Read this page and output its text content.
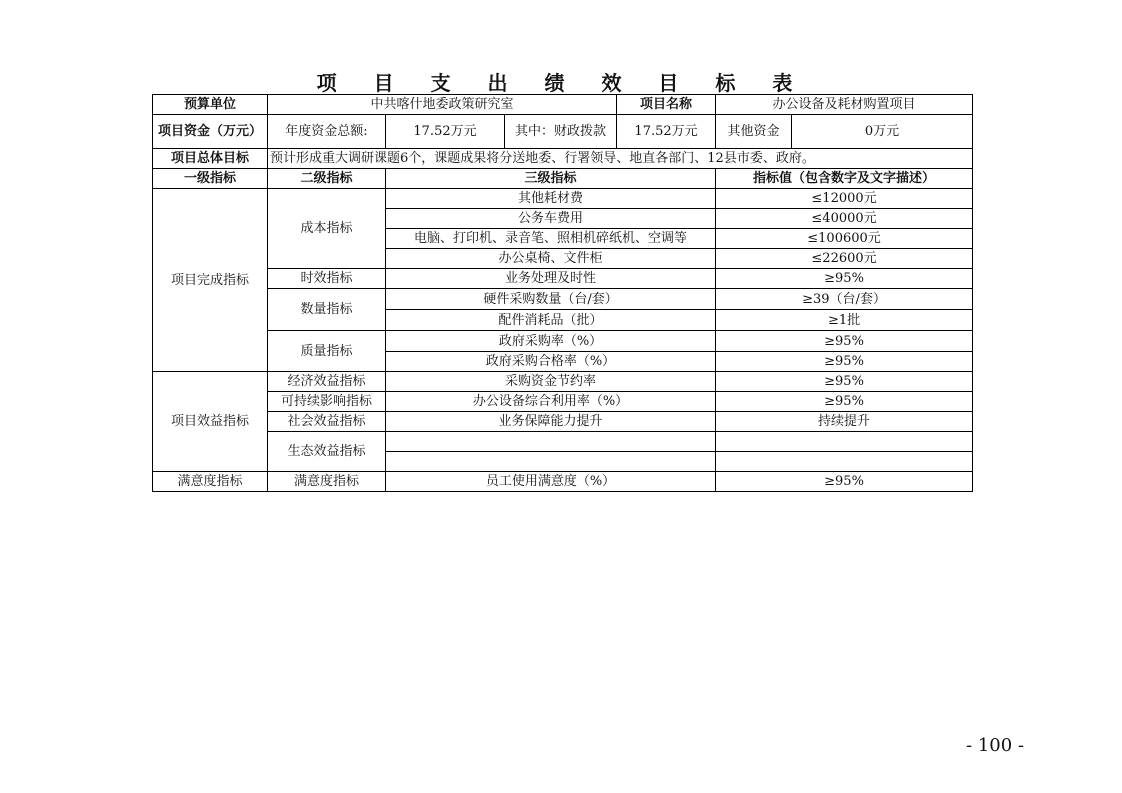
项 目 支 出 绩 效 目 标 表
预算单位	中共喀什地委政策研究室			项目名称	办公设备及耗材购置项目	
项目资金（万元）	年度资金总额:	17.52万元	其中：财政拨款	17.52万元	其他资金	0万元
项目总体目标	预计形成重大调研课题6个，课题成果将分送地委、行署领导、地直各部门、12县市委、政府。					
一级指标	二级指标	三级指标			指标值（包含数字及文字描述）	
项目完成指标	成本指标	其他耗材费			≤12000元	
		公务车费用			≤40000元	
		电脑、打印机、录音笔、照相机碎纸机、空调等			≤100600元	
		办公桌椅、文件柜			≤22600元	
	时效指标	业务处理及时性			≥95%	
	数量指标	硬件采购数量（台/套）			≥39（台/套）	
		配件消耗品（批）			≥1批	
	质量指标	政府采购率（%）			≥95%	
		政府采购合格率（%）			≥95%	
项目效益指标	经济效益指标	采购资金节约率			≥95%	
	可持续影响指标	办公设备综合利用率（%）			≥95%	
	社会效益指标	业务保障能力提升			持续提升	
	生态效益指标					

满意度指标	满意度指标	员工使用满意度（%）			≥95%	
- 100 -
